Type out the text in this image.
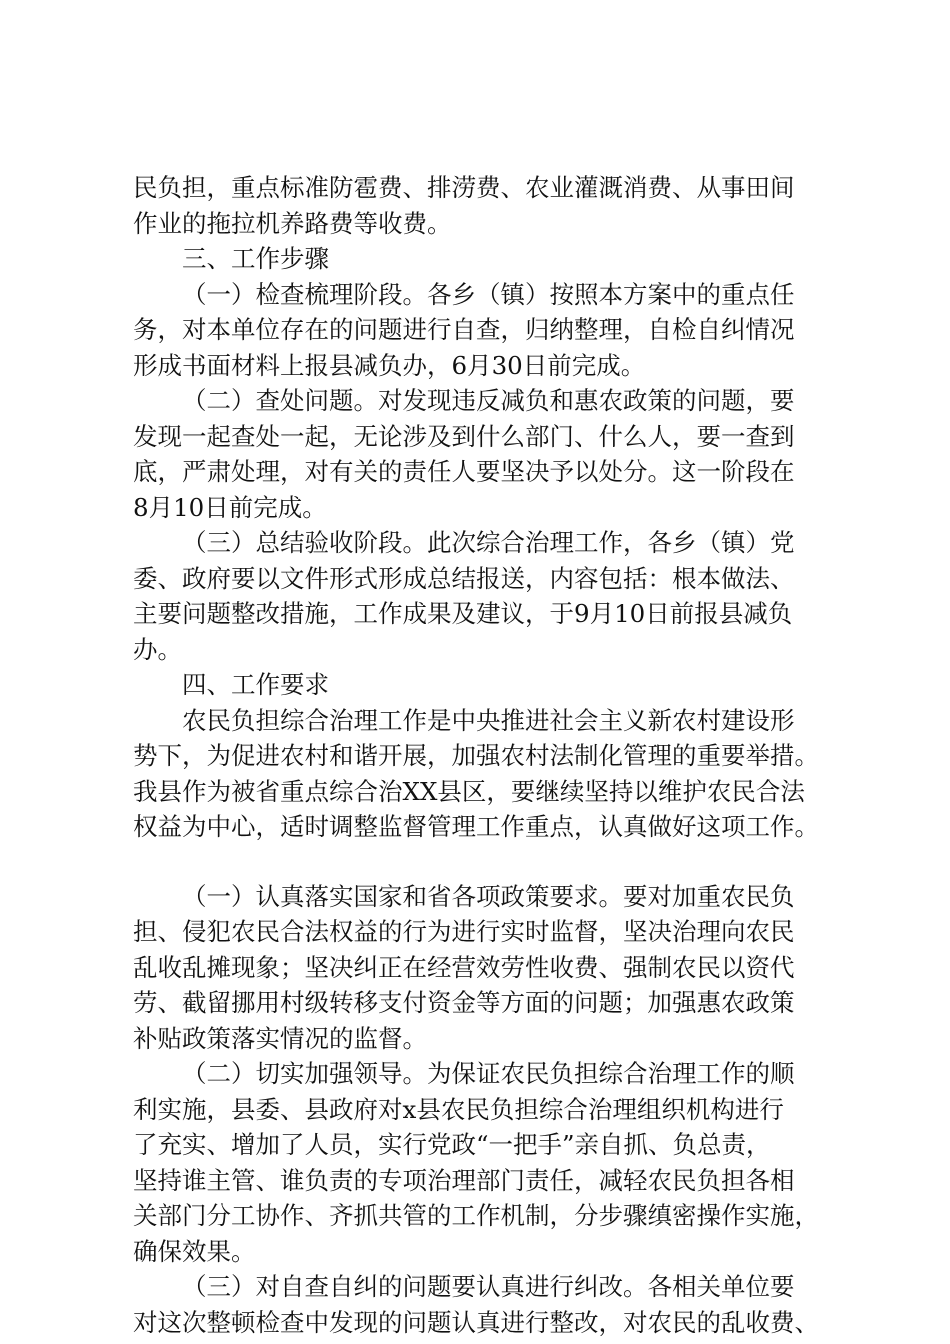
民负担，重点标准防雹费、排涝费、农业灌溉消费、从事田间
作业的拖拉机养路费等收费。
三、工作步骤
（一）检查梳理阶段。各乡（镇）按照本方案中的重点任
务，对本单位存在的问题进行自查，归纳整理，自检自纠情况
形成书面材料上报县减负办，6月30日前完成。
（二）查处问题。对发现违反减负和惠农政策的问题，要
发现一起查处一起，无论涉及到什么部门、什么人，要一查到
底，严肃处理，对有关的责任人要坚决予以处分。这一阶段在
8月10日前完成。
（三）总结验收阶段。此次综合治理工作，各乡（镇）党
委、政府要以文件形式形成总结报送，内容包括：根本做法、
主要问题整改措施，工作成果及建议，于9月10日前报县减负
办。
四、工作要求
农民负担综合治理工作是中央推进社会主义新农村建设形
势下，为促进农村和谐开展，加强农村法制化管理的重要举措。
我县作为被省重点综合治XX县区，要继续坚持以维护农民合法
权益为中心，适时调整监督管理工作重点，认真做好这项工作。
（一）认真落实国家和省各项政策要求。要对加重农民负
担、侵犯农民合法权益的行为进行实时监督，坚决治理向农民
乱收乱摊现象；坚决纠正在经营效劳性收费、强制农民以资代
劳、截留挪用村级转移支付资金等方面的问题；加强惠农政策
补贴政策落实情况的监督。
（二）切实加强领导。为保证农民负担综合治理工作的顺
利实施，县委、县政府对x县农民负担综合治理组织机构进行
了充实、增加了人员，实行党政“一把手”亲自抓、负总责，
坚持谁主管、谁负责的专项治理部门责任，减轻农民负担各相
关部门分工协作、齐抓共管的工作机制，分步骤缜密操作实施，
确保效果。
（三）对自查自纠的问题要认真进行纠改。各相关单位要
对这次整顿检查中发现的问题认真进行整改，对农民的乱收费、
